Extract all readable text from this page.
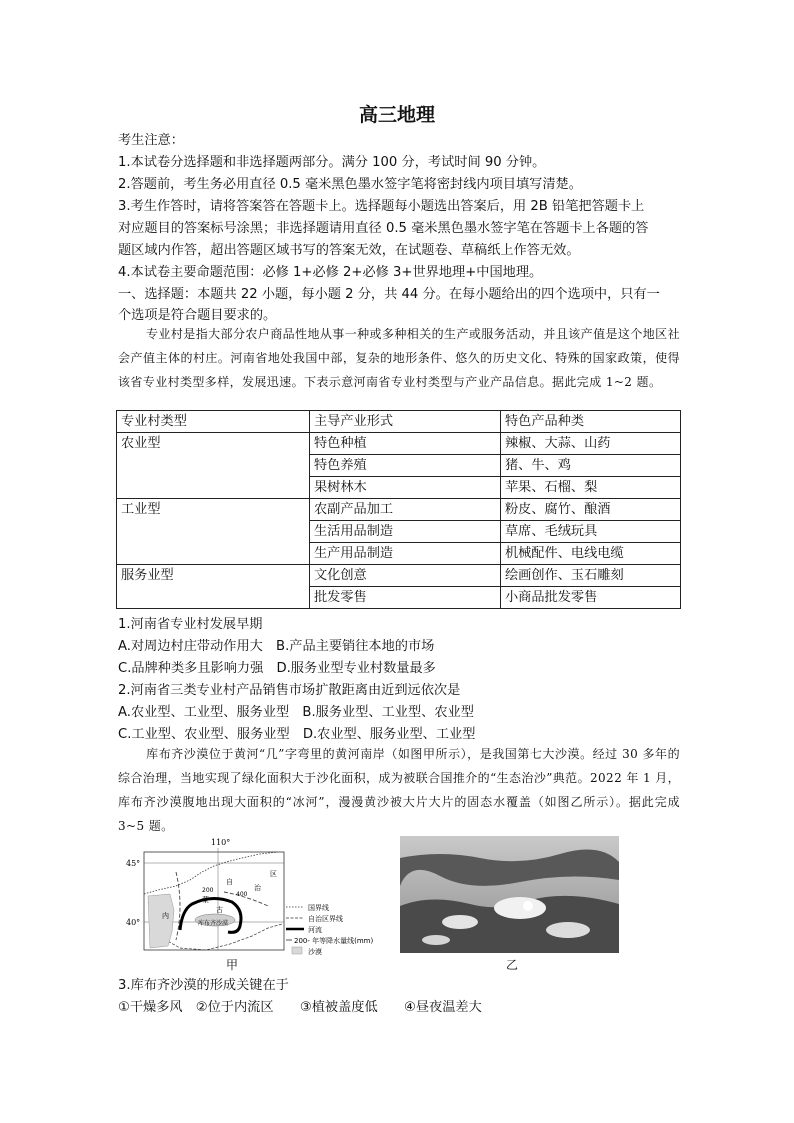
高三地理
考生注意：
1.本试卷分选择题和非选择题两部分。满分 100 分，考试时间 90 分钟。
2.答题前，考生务必用直径 0.5 毫米黑色墨水签字笔将密封线内项目填写清楚。
3.考生作答时，请将答案答在答题卡上。选择题每小题选出答案后，用 2B 铅笔把答题卡上
对应题目的答案标号涂黑；非选择题请用直径 0.5 毫米黑色墨水签字笔在答题卡上各题的答
题区域内作答，超出答题区域书写的答案无效，在试题卷、草稿纸上作答无效。
4.本试卷主要命题范围：必修 1+必修 2+必修 3+世界地理+中国地理。
一、选择题：本题共 22 小题，每小题 2 分，共 44 分。在每小题给出的四个选项中，只有一
个选项是符合题目要求的。
专业村是指大部分农户商品性地从事一种或多种相关的生产或服务活动，并且该产值是这个地区社会产值主体的村庄。河南省地处我国中部，复杂的地形条件、悠久的历史文化、特殊的国家政策，使得该省专业村类型多样，发展迅速。下表示意河南省专业村类型与产业产品信息。据此完成 1~2 题。
专业村类型	主导产业形式	特色产品种类
农业型	特色种植	辣椒、大蒜、山药
	特色养殖	猪、牛、鸡
	果树林木	苹果、石榴、梨
工业型	农副产品加工	粉皮、腐竹、酿酒
	生活用品制造	草席、毛绒玩具
	生产用品制造	机械配件、电线电缆
服务业型	文化创意	绘画创作、玉石雕刻
	批发零售	小商品批发零售
1.河南省专业村发展早期
A.对周边村庄带动作用大　B.产品主要销往本地的市场
C.品牌种类多且影响力强　D.服务业型专业村数量最多
2.河南省三类专业村产品销售市场扩散距离由近到远依次是
A.农业型、工业型、服务业型　B.服务业型、工业型、农业型
C.工业型、农业型、服务业型　D.农业型、服务业型、工业型
库布齐沙漠位于黄河“几”字弯里的黄河南岸（如图甲所示），是我国第七大沙漠。经过 30 多年的综合治理，当地实现了绿化面积大于沙化面积，成为被联合国推介的“生态治沙”典范。2022 年 1 月，库布齐沙漠腹地出现大面积的“冰河”，漫漫黄沙被大片大片的固态水覆盖（如图乙所示）。据此完成 3~5 题。
110°
45°
40°
蒙
古
自
治
区
内
200
400
库布齐沙漠
国界线
自治区界线
河流
200- 年等降水量线(mm)
沙漠
甲	乙
3.库布齐沙漠的形成关键在于
①干燥多风　②位于内流区　　③植被盖度低　　④昼夜温差大
